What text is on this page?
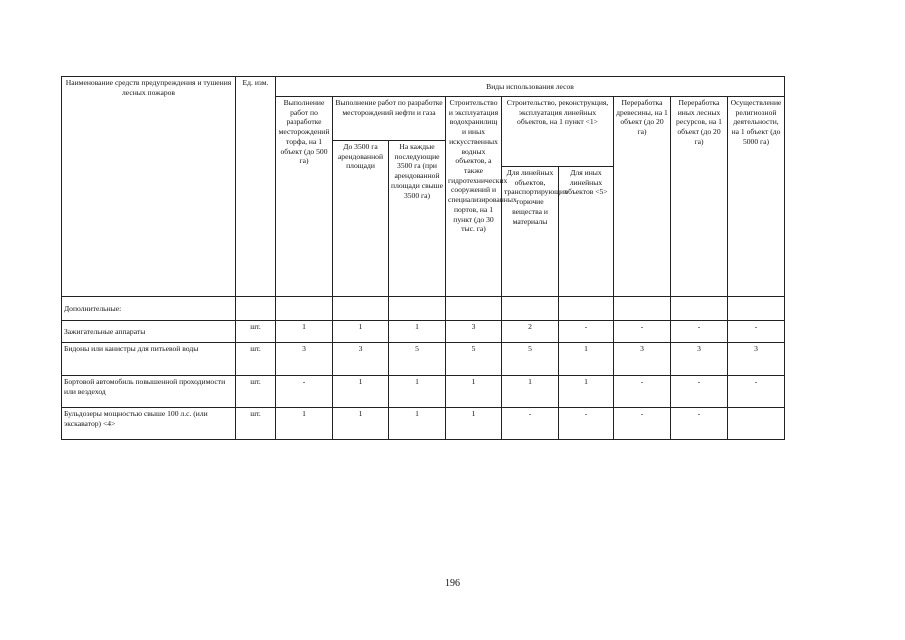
Наименование средств предупреждения и тушения лесных пожаров	Ед. изм.	Виды использования лесов								
		Выполнение работ по разработке месторождений торфа, на 1 объект (до 500 га)	Выполнение работ по разработке месторождений нефти и газа		Строительство и эксплуатация водохранилищ и иных искусственных водных объектов, а также гидротехнических сооружений и специализированных портов, на 1 пункт (до 30 тыс. га)	Строительство, реконструкция, эксплуатация линейных объектов, на 1 пункт <1>		Переработка древесины, на 1 объект (до 20 га)	Переработка иных лесных ресурсов, на 1 объект (до 20 га)	Осуществление религиозной деятельности, на 1 объект (до 5000 га)
			До 3500 га арендованной площади	На каждые последующие 3500 га (при арендованной площади свыше 3500 га)						
						Для линейных объектов, транспортирующих горючие вещества и материалы	Для иных линейных объектов <5>			
Дополнительные:										
Зажигательные аппараты	шт.	1	1	1	3	2	-	-	-	-
Бидоны или канистры для питьевой воды	шт.	3	3	5	5	5	1	3	3	3
Бортовой автомобиль повышенной проходимости или вездеход	шт.	-	1	1	1	1	1	-	-	-
Бульдозеры мощностью свыше 100 л.с. (или экскаватор) <4>	шт.	1	1	1	1	-	-	-	-	
196
